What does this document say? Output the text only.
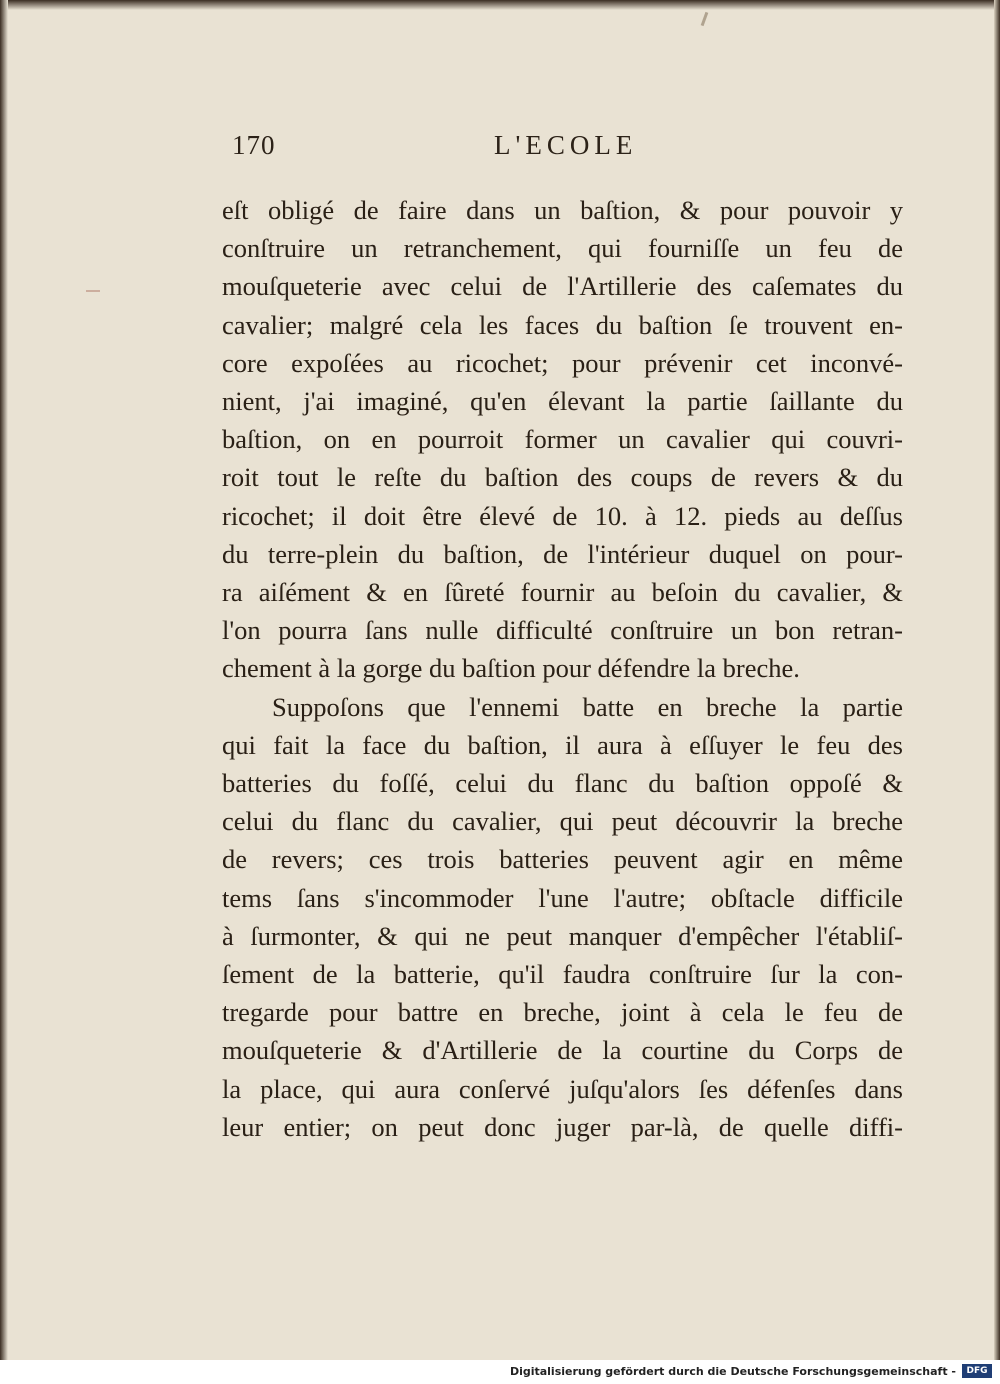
170	L'ECOLE
eſt obligé de faire dans un baſtion, & pour pouvoir y
conſtruire un retranchement, qui fourniſſe un feu de
mouſqueterie avec celui de l'Artillerie des caſemates du
cavalier; malgré cela les faces du baſtion ſe trouvent en-
core expoſées au ricochet; pour prévenir cet inconvé-
nient, j'ai imaginé, qu'en élevant la partie ſaillante du
baſtion, on en pourroit former un cavalier qui couvri-
roit tout le reſte du baſtion des coups de revers & du
ricochet; il doit être élevé de 10. à 12. pieds au deſſus
du terre-plein du baſtion, de l'intérieur duquel on pour-
ra aiſément & en ſûreté fournir au beſoin du cavalier, &
l'on pourra ſans nulle difficulté conſtruire un bon retran-
chement à la gorge du baſtion pour défendre la breche.
Suppoſons que l'ennemi batte en breche la partie
qui fait la face du baſtion, il aura à eſſuyer le feu des
batteries du foſſé, celui du flanc du baſtion oppoſé &
celui du flanc du cavalier, qui peut découvrir la breche
de revers; ces trois batteries peuvent agir en même
tems ſans s'incommoder l'une l'autre; obſtacle difficile
à ſurmonter, & qui ne peut manquer d'empêcher l'établiſ-
ſement de la batterie, qu'il faudra conſtruire ſur la con-
tregarde pour battre en breche, joint à cela le feu de
mouſqueterie & d'Artillerie de la courtine du Corps de
la place, qui aura conſervé juſqu'alors ſes défenſes dans
leur entier; on peut donc juger par-là, de quelle diffi-
Digitalisierung gefördert durch die Deutsche Forschungsgemeinschaft -	DFG
